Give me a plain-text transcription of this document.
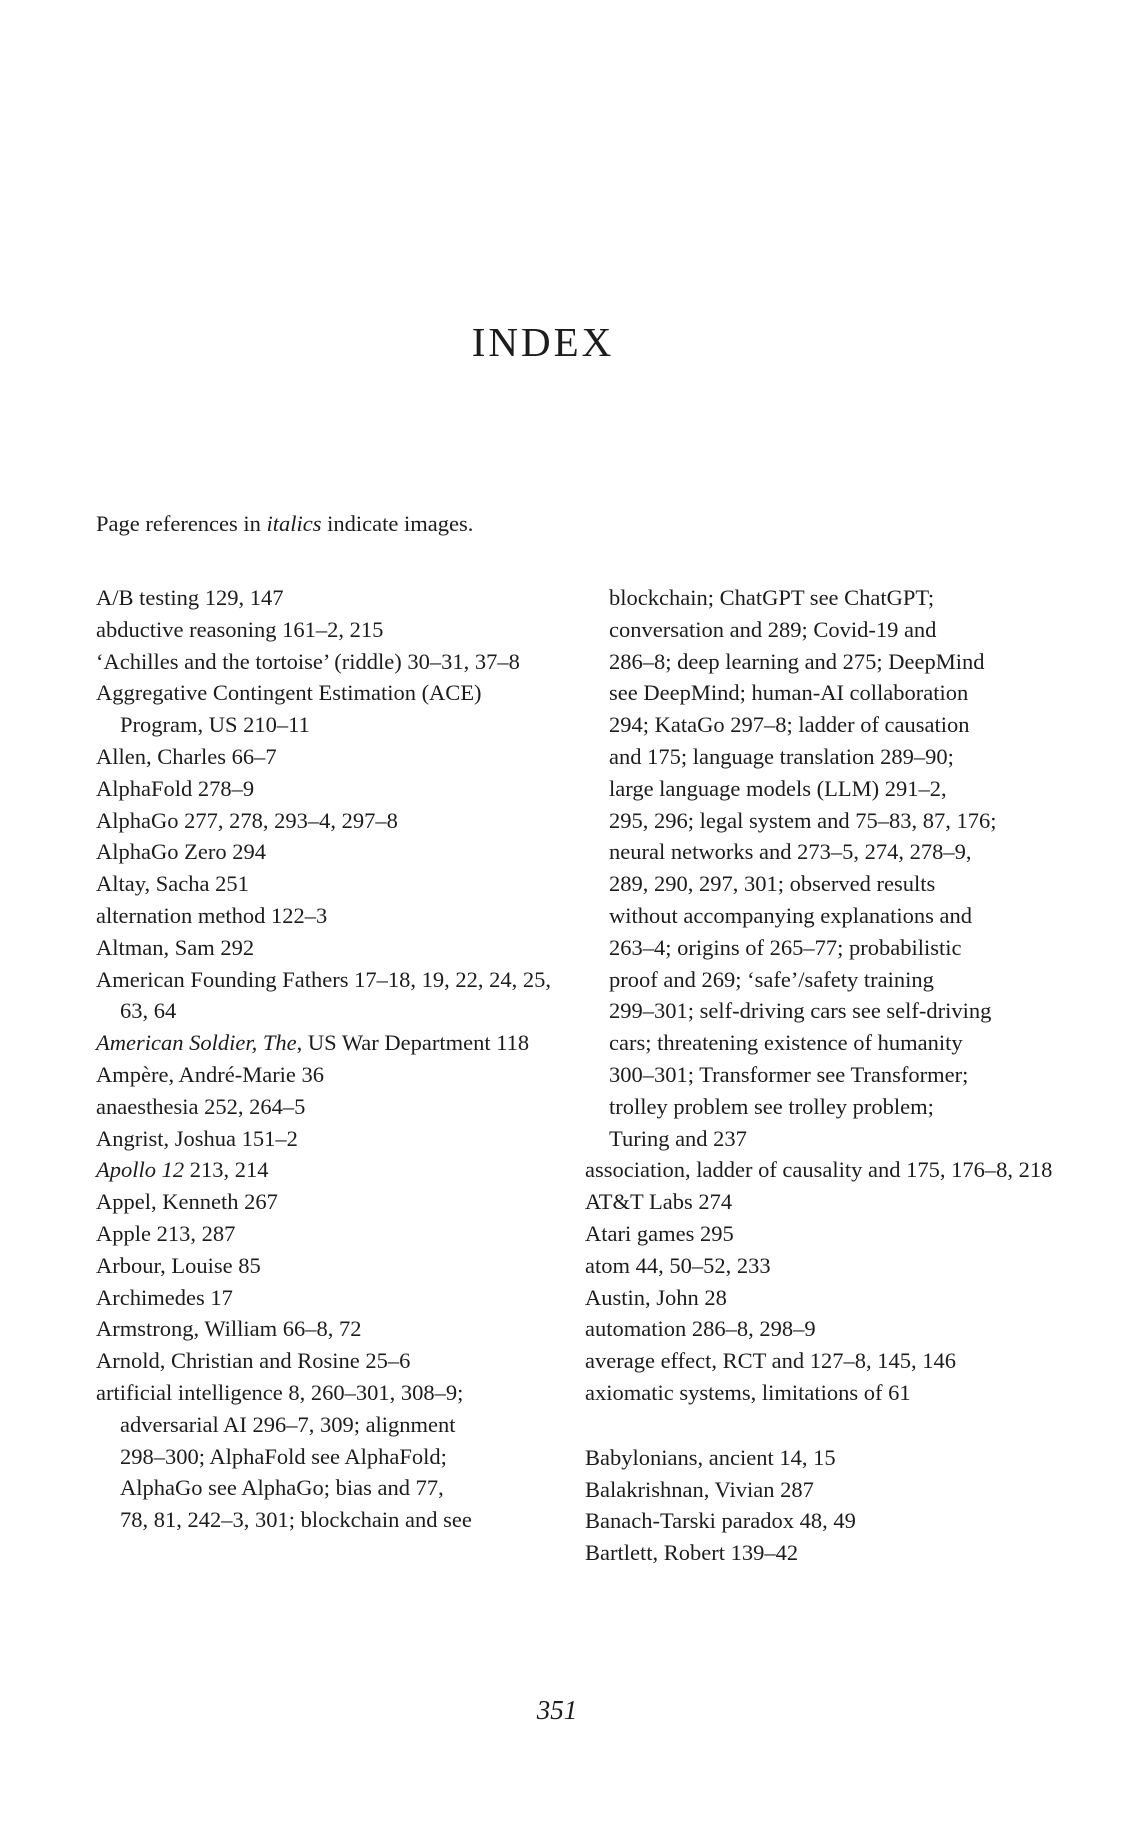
INDEX

Page references in italics indicate images.

A/B testing 129, 147

abductive reasoning 161–2, 215

‘Achilles and the tortoise’ (riddle) 30–31, 37–8

Aggregative Contingent Estimation (ACE) Program, US 210–11

Allen, Charles 66–7

AlphaFold 278–9

AlphaGo 277, 278, 293–4, 297–8

AlphaGo Zero 294

Altay, Sacha 251

alternation method 122–3

Altman, Sam 292

American Founding Fathers 17–18, 19, 22, 24, 25, 63, 64

American Soldier, The, US War Department 118

Ampère, André-Marie 36

anaesthesia 252, 264–5

Angrist, Joshua 151–2

Apollo 12 213, 214

Appel, Kenneth 267

Apple 213, 287

Arbour, Louise 85

Archimedes 17

Armstrong, William 66–8, 72

Arnold, Christian and Rosine 25–6

artificial intelligence 8, 260–301, 308–9;

adversarial AI 296–7, 309; alignment

298–300; AlphaFold see AlphaFold;

AlphaGo see AlphaGo; bias and 77,

78, 81, 242–3, 301; blockchain and see

blockchain; ChatGPT see ChatGPT;

conversation and 289; Covid-19 and

286–8; deep learning and 275; DeepMind

see DeepMind; human-AI collaboration

294; KataGo 297–8; ladder of causation

and 175; language translation 289–90;

large language models (LLM) 291–2,

295, 296; legal system and 75–83, 87, 176;

neural networks and 273–5, 274, 278–9,

289, 290, 297, 301; observed results

without accompanying explanations and

263–4; origins of 265–77; probabilistic

proof and 269; ‘safe’/safety training

299–301; self-driving cars see self-driving

cars; threatening existence of humanity

300–301; Transformer see Transformer;

trolley problem see trolley problem;

Turing and 237

association, ladder of causality and 175, 176–8, 218

AT&T Labs 274

Atari games 295

atom 44, 50–52, 233

Austin, John 28

automation 286–8, 298–9

average effect, RCT and 127–8, 145, 146

axiomatic systems, limitations of 61

Babylonians, ancient 14, 15

Balakrishnan, Vivian 287

Banach-Tarski paradox 48, 49

Bartlett, Robert 139–42

351
